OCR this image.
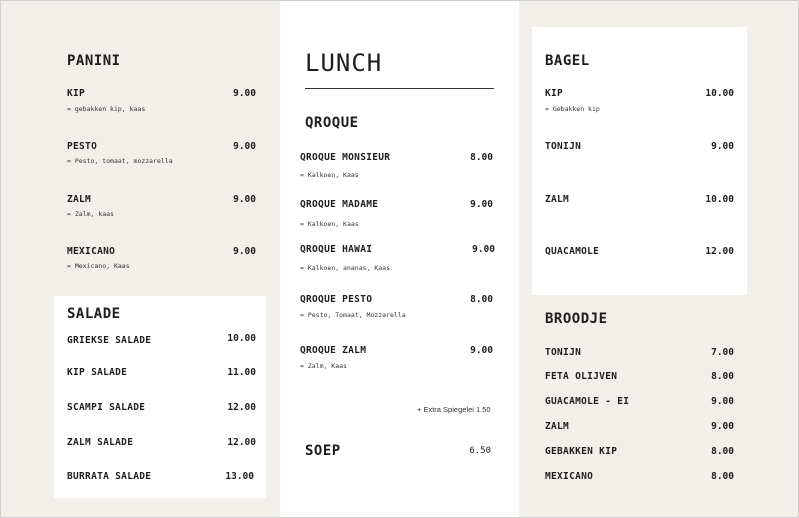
PANINI
KIP	9.00
= gebakken kip, kaas
PESTO	9.00
= Pesto, tomaat, mozzarella
ZALM	9.00
= Zalm, kaas
MEXICANO	9.00
= Mexicano, Kaas
SALADE
GRIEKSE SALADE	10.00
KIP SALADE	11.00
SCAMPI SALADE	12.00
ZALM SALADE	12.00
BURRATA SALADE	13.00
LUNCH
QROQUE
QROQUE MONSIEUR	8.00
= Kalkoen, Kaas
QROQUE MADAME	9.00
= Kalkoen, Kaas
QROQUE HAWAI	9.00
= Kalkoen, ananas, Kaas
QROQUE PESTO	8.00
= Pesto, Tomaat, Mozzarella
QROQUE ZALM	9.00
= Zalm, Kaas
+ Extra Spiegelei 1.50
SOEP	6.50
BAGEL
KIP	10.00
= Gebakken kip
TONIJN	9.00
ZALM	10.00
QUACAMOLE	12.00
BROODJE
TONIJN	7.00
FETA OLIJVEN	8.00
GUACAMOLE - EI	9.00
ZALM	9.00
GEBAKKEN KIP	8.00
MEXICANO	8.00
